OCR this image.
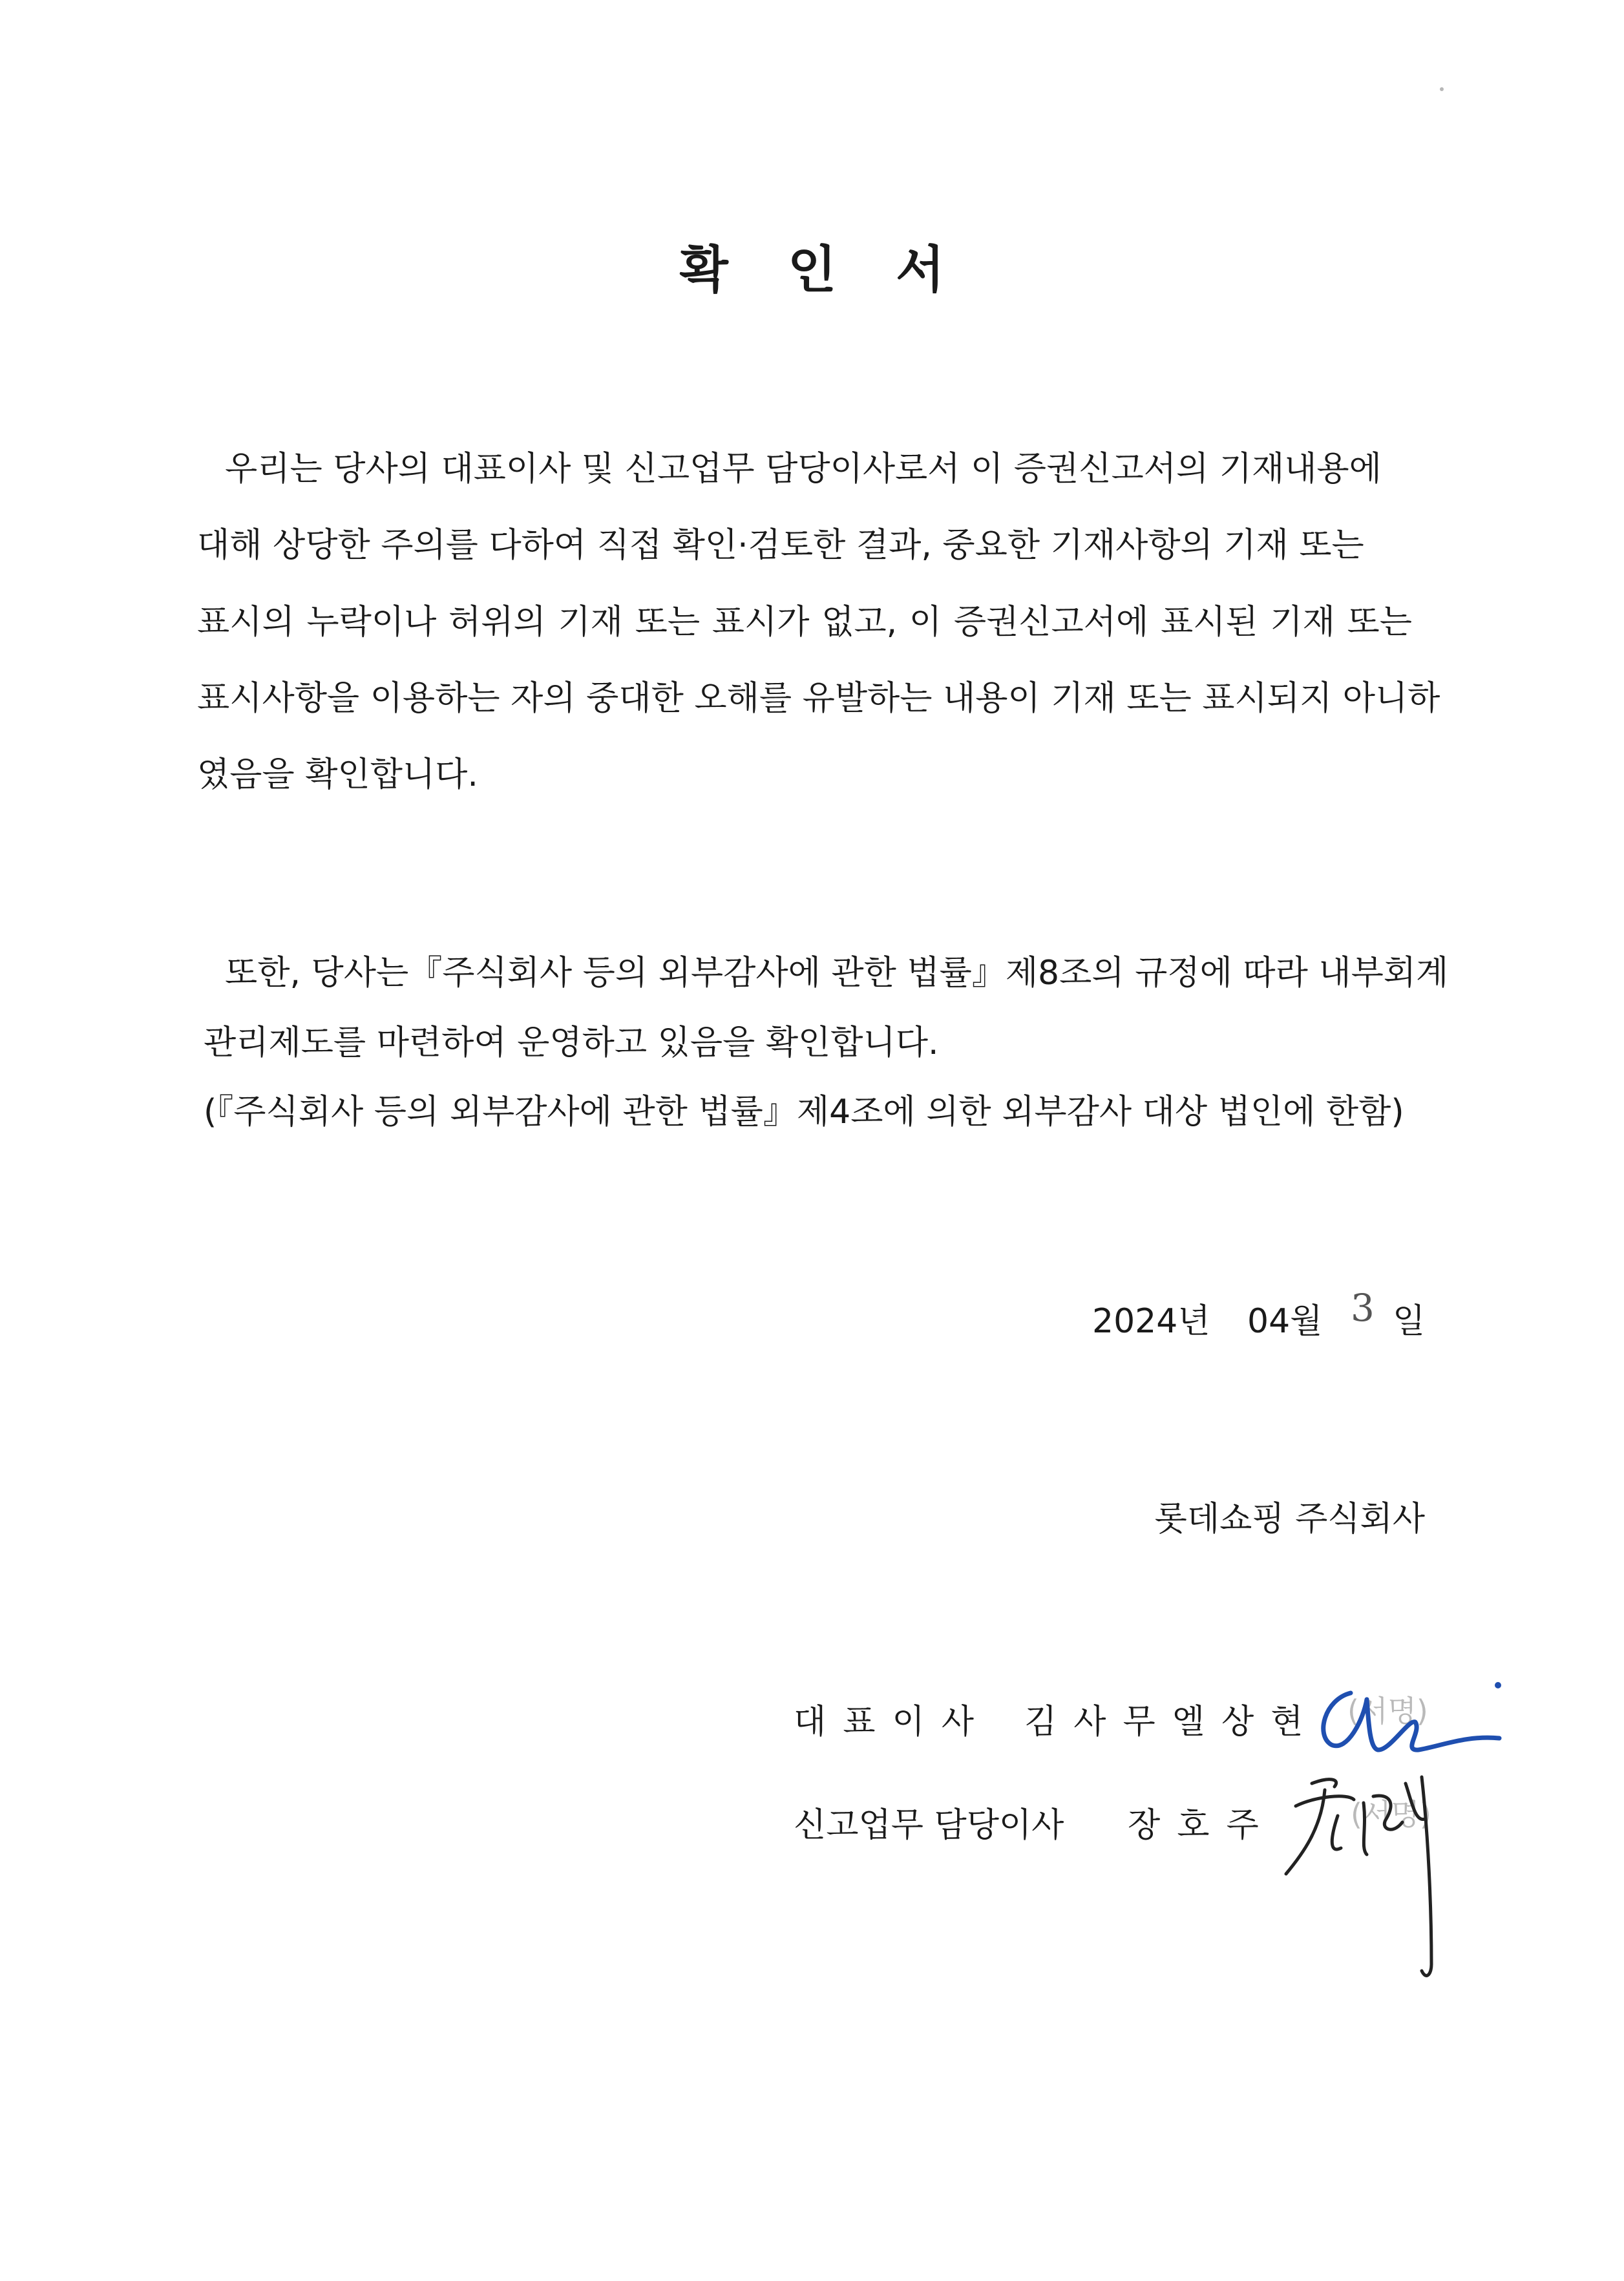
확 인 서
우리는 당사의 대표이사 및 신고업무 담당이사로서 이 증권신고서의 기재내용에
대해 상당한 주의를 다하여 직접 확인·검토한 결과, 중요한 기재사항의 기재 또는
표시의 누락이나 허위의 기재 또는 표시가 없고, 이 증권신고서에 표시된 기재 또는
표시사항을 이용하는 자의 중대한 오해를 유발하는 내용이 기재 또는 표시되지 아니하
였음을 확인합니다.
또한, 당사는『주식회사 등의 외부감사에 관한 법률』제8조의 규정에 따라 내부회계
관리제도를 마련하여 운영하고 있음을 확인합니다.
(『주식회사 등의 외부감사에 관한 법률』제4조에 의한 외부감사 대상 법인에 한함)
2024년 04월 3 일
롯데쇼핑 주식회사
대 표 이 사	김 사 무 엘 상 현	(서명)
신고업무 담당이사 장 호 주	(서명)
